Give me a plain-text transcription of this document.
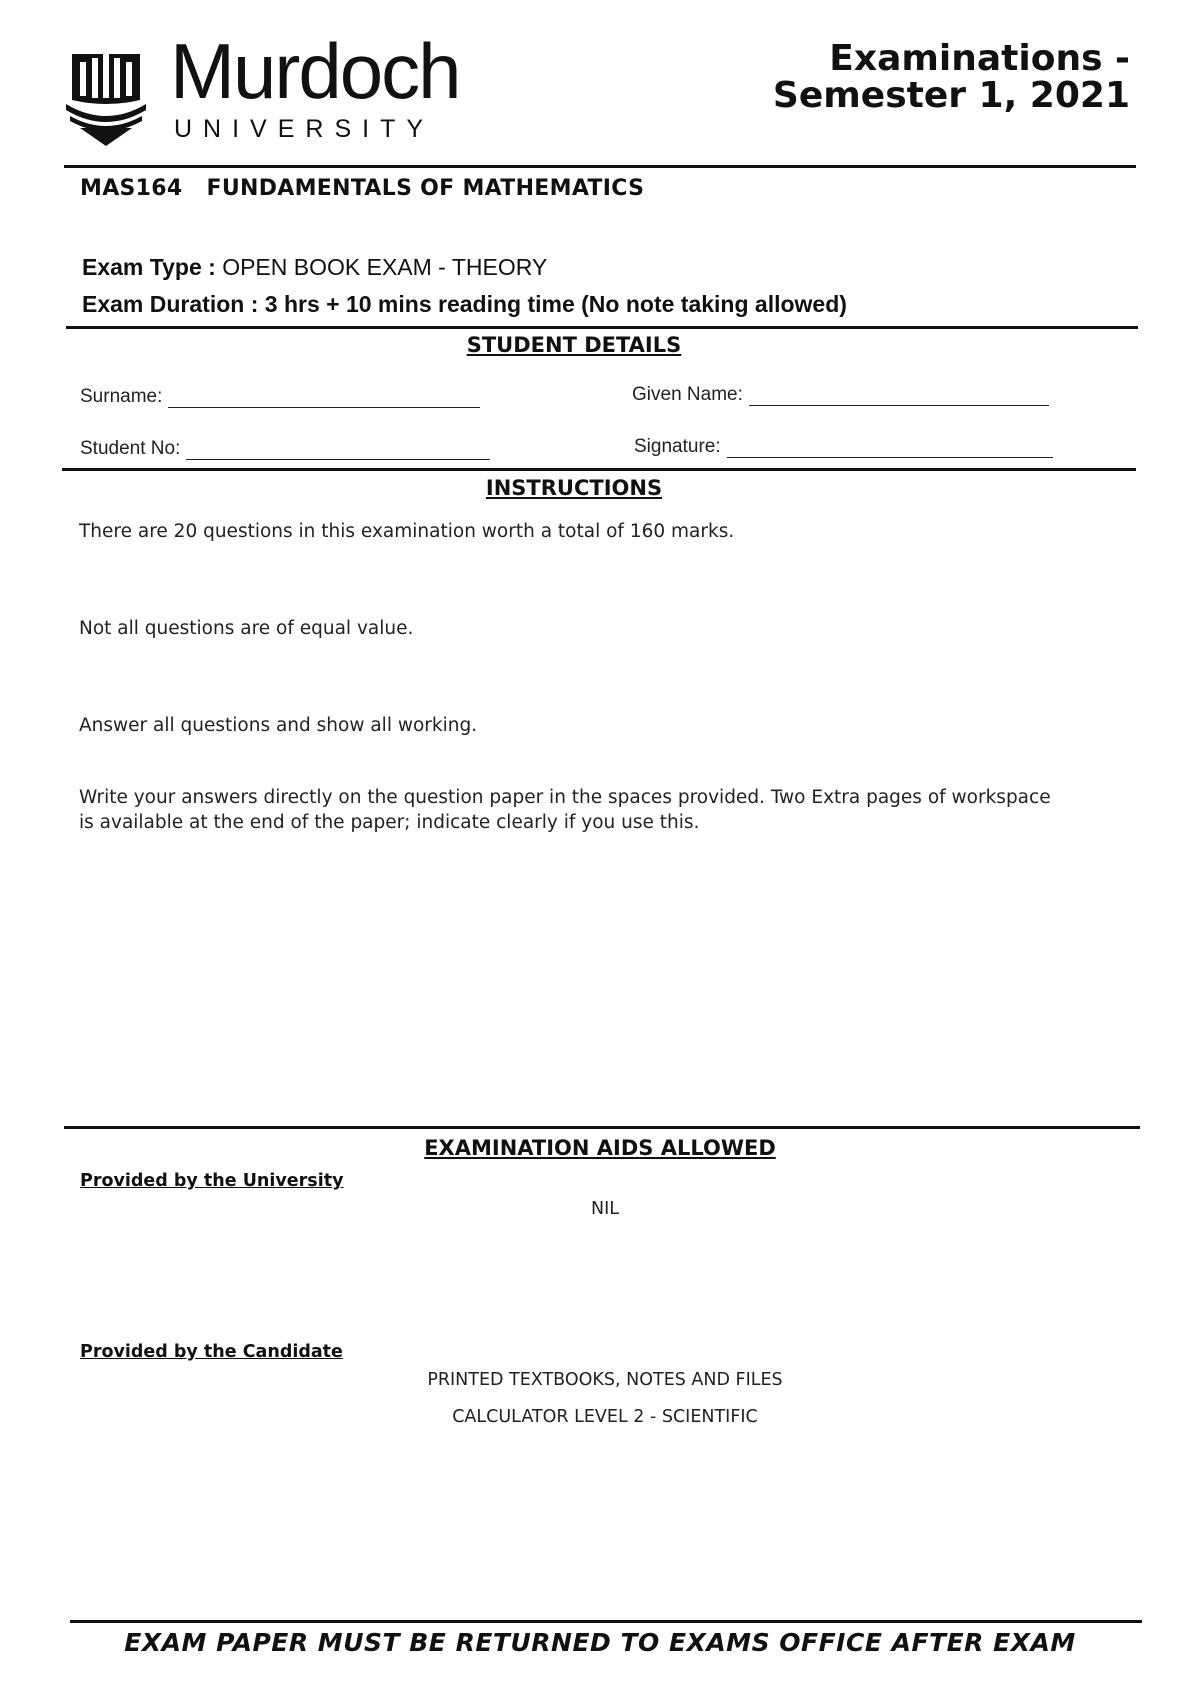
Murdoch
UNIVERSITY
Examinations -
Semester 1, 2021
MAS164 FUNDAMENTALS OF MATHEMATICS
Exam Type : OPEN BOOK EXAM - THEORY
Exam Duration : 3 hrs + 10 mins reading time (No note taking allowed)
STUDENT DETAILS
Surname:	Given Name:
Student No:	Signature:
INSTRUCTIONS
There are 20 questions in this examination worth a total of 160 marks.
Not all questions are of equal value.
Answer all questions and show all working.
Write your answers directly on the question paper in the spaces provided. Two Extra pages of workspace is available at the end of the paper; indicate clearly if you use this.
EXAMINATION AIDS ALLOWED
Provided by the University
NIL
Provided by the Candidate
PRINTED TEXTBOOKS, NOTES AND FILES
CALCULATOR LEVEL 2 - SCIENTIFIC
EXAM PAPER MUST BE RETURNED TO EXAMS OFFICE AFTER EXAM
